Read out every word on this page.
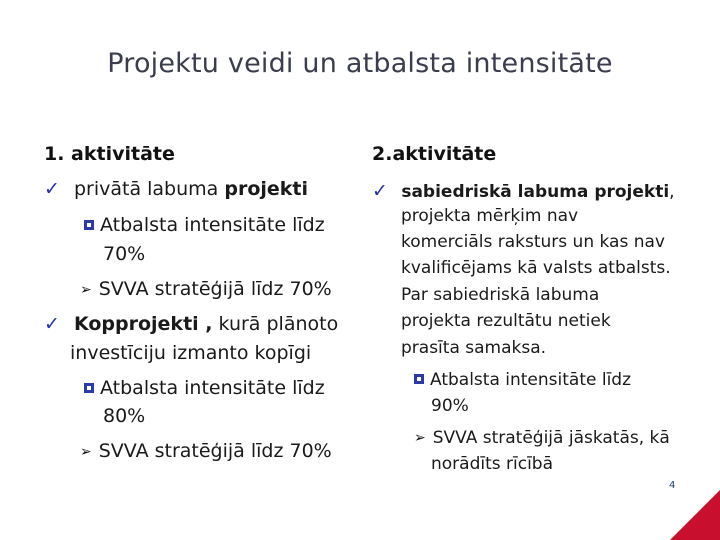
Projektu veidi un atbalsta intensitāte
1. aktivitāte
✓ privātā labuma projekti
Atbalsta intensitāte līdz
70%
➢ SVVA stratēģijā līdz 70%
✓ Kopprojekti , kurā plānoto
investīciju izmanto kopīgi
Atbalsta intensitāte līdz
80%
➢ SVVA stratēģijā līdz 70%
2.aktivitāte
✓ sabiedriskā labuma projekti,
projekta mērķim nav
komerciāls raksturs un kas nav
kvalificējams kā valsts atbalsts.
Par sabiedriskā labuma
projekta rezultātu netiek
prasīta samaksa.
Atbalsta intensitāte līdz
90%
➢ SVVA stratēģijā jāskatās, kā
norādīts rīcībā
4
